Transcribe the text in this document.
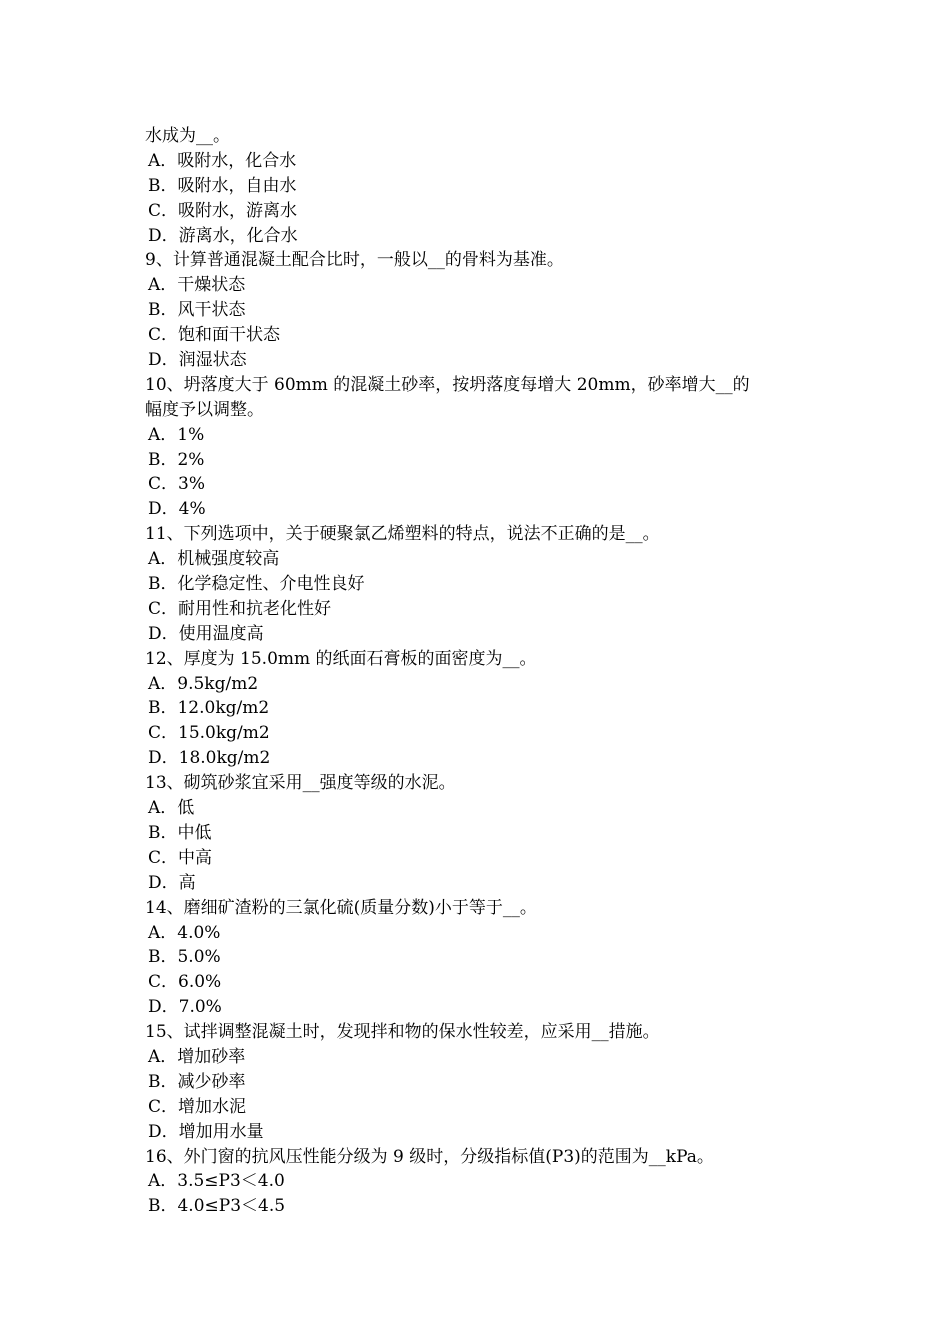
水成为__。
A．吸附水，化合水
B．吸附水，自由水
C．吸附水，游离水
D．游离水，化合水
9、计算普通混凝土配合比时，一般以__的骨料为基准。
A．干燥状态
B．风干状态
C．饱和面干状态
D．润湿状态
10、坍落度大于 60mm 的混凝土砂率，按坍落度每增大 20mm，砂率增大__的
幅度予以调整。
A．1%
B．2%
C．3%
D．4%
11、下列选项中，关于硬聚氯乙烯塑料的特点，说法不正确的是__。
A．机械强度较高
B．化学稳定性、介电性良好
C．耐用性和抗老化性好
D．使用温度高
12、厚度为 15.0mm 的纸面石膏板的面密度为__。
A．9.5kg/m2
B．12.0kg/m2
C．15.0kg/m2
D．18.0kg/m2
13、砌筑砂浆宜采用__强度等级的水泥。
A．低
B．中低
C．中高
D．高
14、磨细矿渣粉的三氯化硫(质量分数)小于等于__。
A．4.0%
B．5.0%
C．6.0%
D．7.0%
15、试拌调整混凝土时，发现拌和物的保水性较差，应采用__措施。
A．增加砂率
B．减少砂率
C．增加水泥
D．增加用水量
16、外门窗的抗风压性能分级为 9 级时，分级指标值(P3)的范围为__kPa。
A．3.5≤P3＜4.0
B．4.0≤P3＜4.5
